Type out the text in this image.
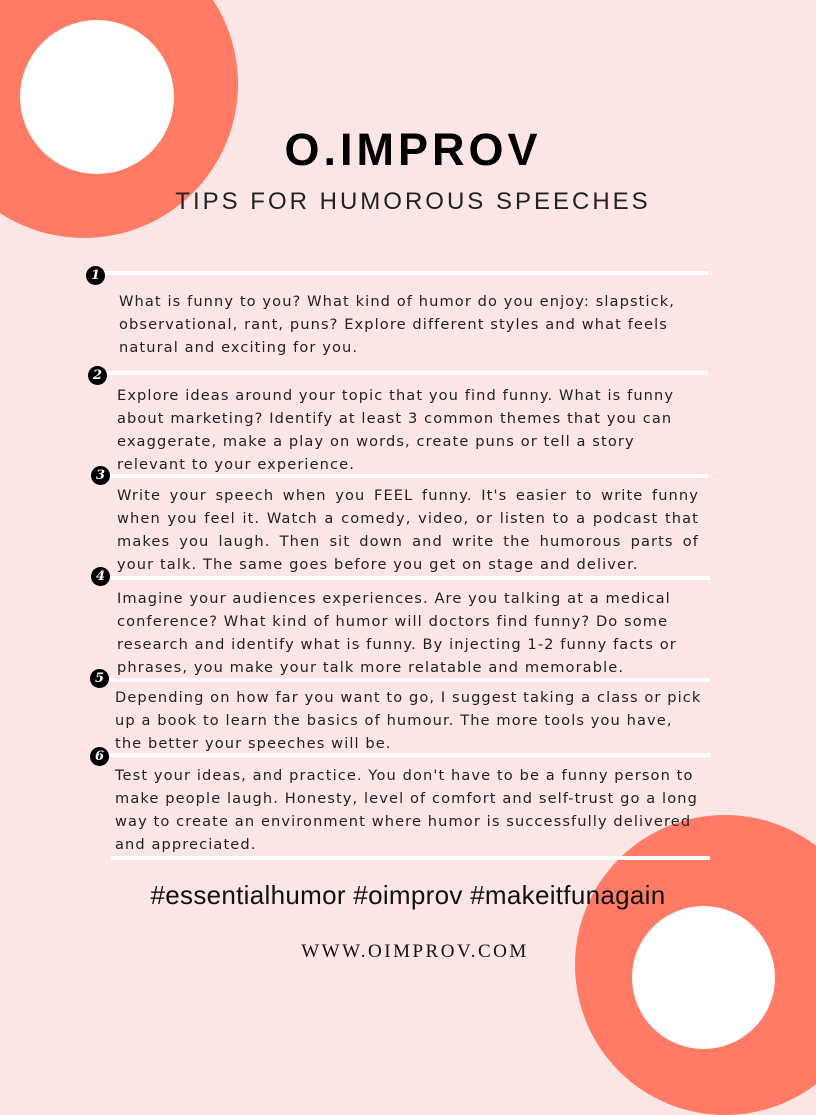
O.IMPROV
TIPS FOR HUMOROUS SPEECHES
1

What is funny to you? What kind of humor do you enjoy: slapstick, observational, rant, puns? Explore different styles and what feels natural and exciting for you.

2

Explore ideas around your topic that you find funny. What is funny about marketing? Identify at least 3 common themes that you can exaggerate, make a play on words, create puns or tell a story relevant to your experience.

3

Write your speech when you FEEL funny. It's easier to write funny when you feel it. Watch a comedy, video, or listen to a podcast that makes you laugh. Then sit down and write the humorous parts of your talk. The same goes before you get on stage and deliver.

4

Imagine your audiences experiences. Are you talking at a medical conference? What kind of humor will doctors find funny? Do some research and identify what is funny. By injecting 1-2 funny facts or phrases, you make your talk more relatable and memorable.

5

Depending on how far you want to go, I suggest taking a class or pick up a book to learn the basics of humour. The more tools you have, the better your speeches will be.

6

Test your ideas, and practice. You don't have to be a funny person to make people laugh. Honesty, level of comfort and self-trust go a long way to create an environment where humor is successfully delivered and appreciated.

#essentialhumor #oimprov #makeitfunagain
WWW.OIMPROV.COM
